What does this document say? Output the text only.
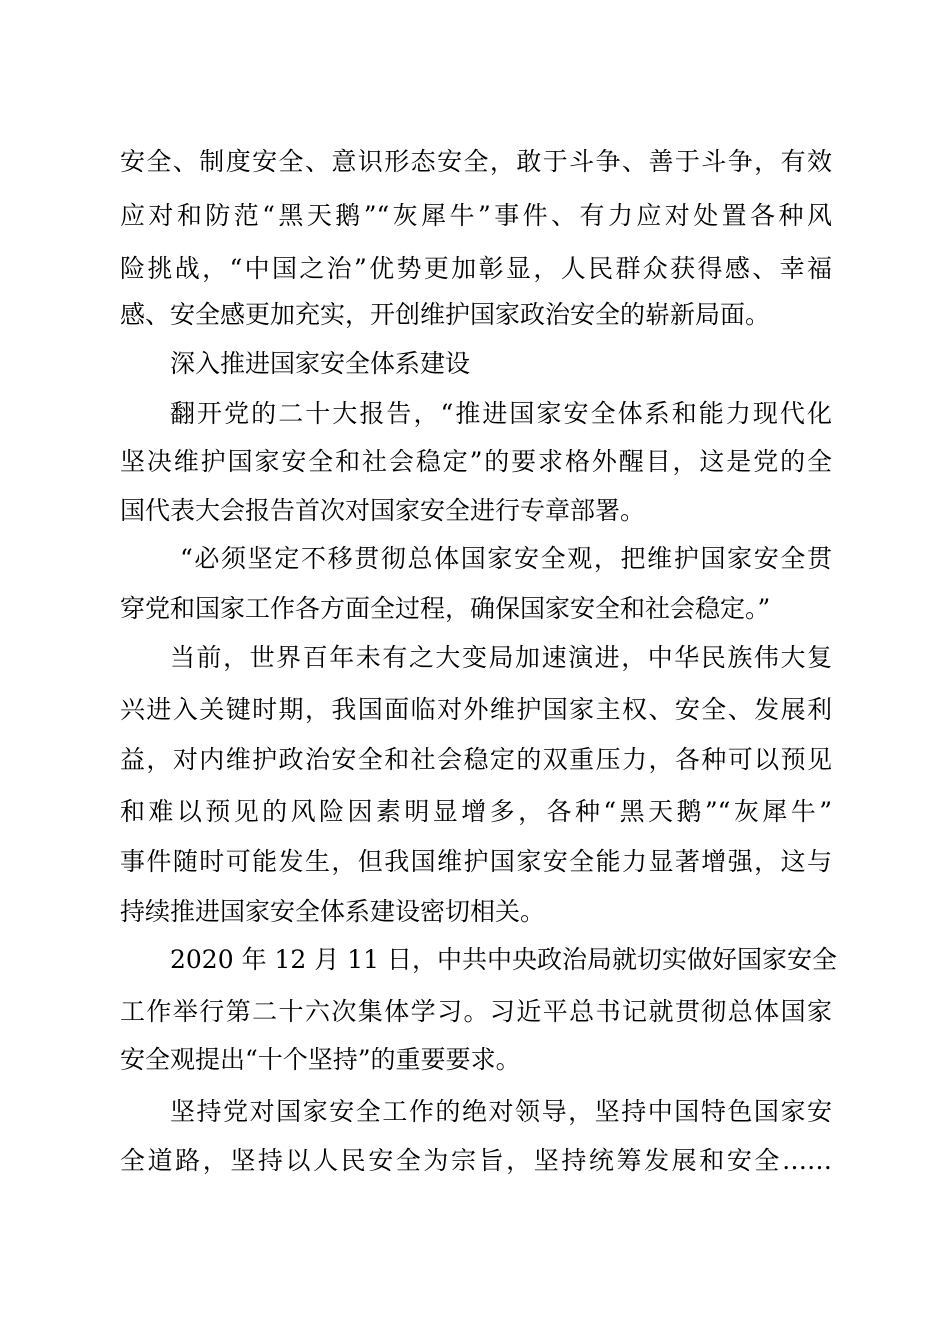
安全、制度安全、意识形态安全，敢于斗争、善于斗争，有效
应对和防范“黑天鹅”“灰犀牛”事件、有力应对处置各种风
险挑战，“中国之治”优势更加彰显，人民群众获得感、幸福
感、安全感更加充实，开创维护国家政治安全的崭新局面。
深入推进国家安全体系建设
翻开党的二十大报告，“推进国家安全体系和能力现代化
坚决维护国家安全和社会稳定”的要求格外醒目，这是党的全
国代表大会报告首次对国家安全进行专章部署。
“必须坚定不移贯彻总体国家安全观，把维护国家安全贯
穿党和国家工作各方面全过程，确保国家安全和社会稳定。”
当前，世界百年未有之大变局加速演进，中华民族伟大复
兴进入关键时期，我国面临对外维护国家主权、安全、发展利
益，对内维护政治安全和社会稳定的双重压力，各种可以预见
和难以预见的风险因素明显增多，各种“黑天鹅”“灰犀牛”
事件随时可能发生，但我国维护国家安全能力显著增强，这与
持续推进国家安全体系建设密切相关。
2020 年 12 月 11 日，中共中央政治局就切实做好国家安全
工作举行第二十六次集体学习。习近平总书记就贯彻总体国家
安全观提出“十个坚持”的重要要求。
坚持党对国家安全工作的绝对领导，坚持中国特色国家安
全道路，坚持以人民安全为宗旨，坚持统筹发展和安全……
